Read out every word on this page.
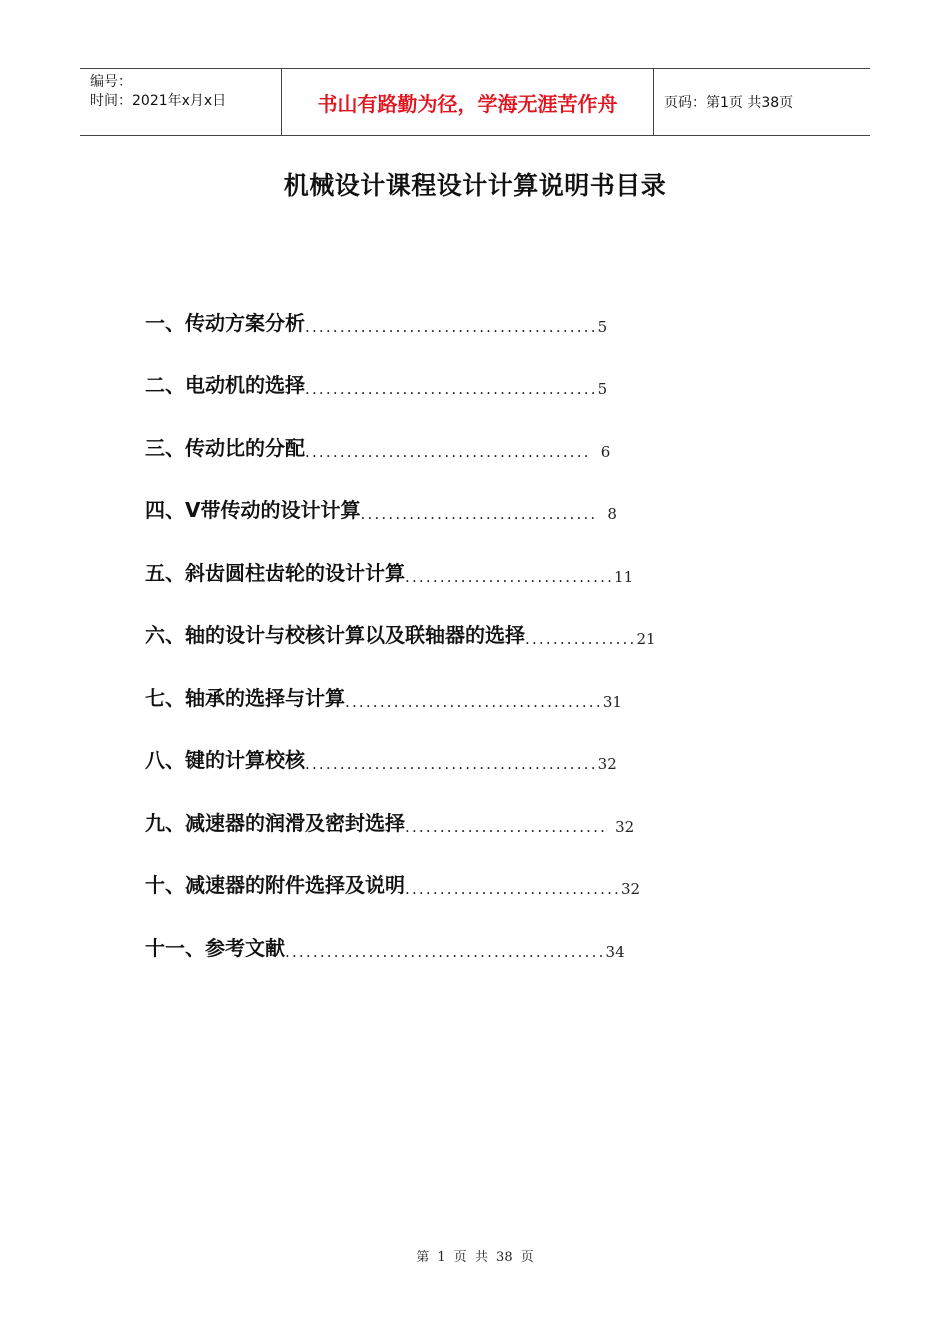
编号：
时间：2021年x月x日	书山有路勤为径，学海无涯苦作舟	页码：第1页 共38页
机械设计课程设计计算说明书目录
一、传动方案分析 .......................................... 5
二、电动机的选择 .......................................... 5
三、传动比的分配 ......................................... 6
四、V带传动的设计计算 .................................. 8
五、斜齿圆柱齿轮的设计计算 .............................. 11
六、轴的设计与校核计算以及联轴器的选择 ................ 21
七、轴承的选择与计算 ..................................... 31
八、键的计算校核 .......................................... 32
九、减速器的润滑及密封选择 ............................. 32
十、减速器的附件选择及说明 ............................... 32
十一、参考文献 .............................................. 34
第 1 页 共 38 页
